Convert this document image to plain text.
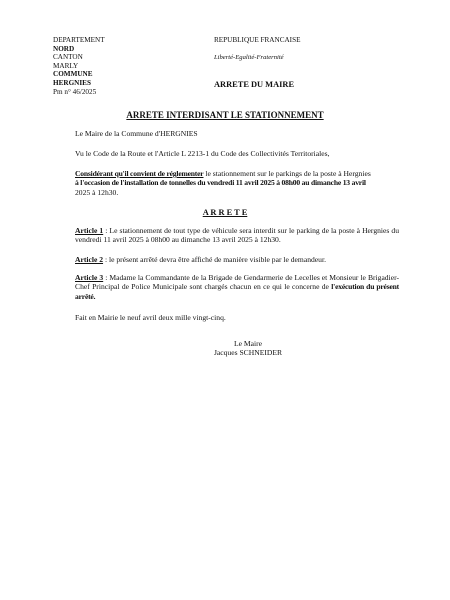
DEPARTEMENT
NORD
CANTON
MARLY
COMMUNE
HERGNIES
Pm n° 46/2025
REPUBLIQUE FRANCAISE
Liberté-Egalité-Fraternité
ARRETE DU MAIRE
ARRETE INTERDISANT LE STATIONNEMENT
Le Maire de la Commune d'HERGNIES
Vu le Code de la Route et l'Article L 2213-1 du Code des Collectivités Territoriales,
Considérant qu'il convient de réglementer le stationnement sur le parkings de la poste à Hergnies
à l'occasion de l'installation de tonnelles du vendredi 11 avril 2025 à 08h00 au dimanche 13 avril
2025 à 12h30.
A R R E T E
Article 1 : Le stationnement de tout type de véhicule sera interdit sur le parking de la poste à Hergnies du vendredi 11 avril 2025 à 08h00 au dimanche 13 avril 2025 à 12h30.
Article 2 : le présent arrêté devra être affiché de manière visible par le demandeur.
Article 3 : Madame la Commandante de la Brigade de Gendarmerie de Lecelles et Monsieur le Brigadier-Chef Principal de Police Municipale sont chargés chacun en ce qui le concerne de l'exécution du présent arrêté.
Fait en Mairie le neuf avril deux mille vingt-cinq.
Le Maire
Jacques SCHNEIDER
